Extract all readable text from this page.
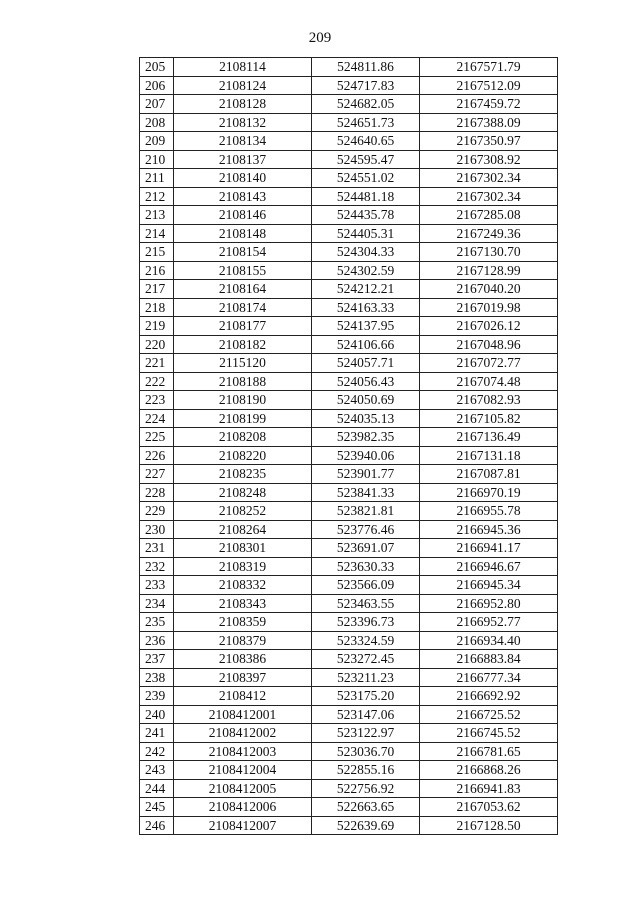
209
205	2108114	524811.86	2167571.79
206	2108124	524717.83	2167512.09
207	2108128	524682.05	2167459.72
208	2108132	524651.73	2167388.09
209	2108134	524640.65	2167350.97
210	2108137	524595.47	2167308.92
211	2108140	524551.02	2167302.34
212	2108143	524481.18	2167302.34
213	2108146	524435.78	2167285.08
214	2108148	524405.31	2167249.36
215	2108154	524304.33	2167130.70
216	2108155	524302.59	2167128.99
217	2108164	524212.21	2167040.20
218	2108174	524163.33	2167019.98
219	2108177	524137.95	2167026.12
220	2108182	524106.66	2167048.96
221	2115120	524057.71	2167072.77
222	2108188	524056.43	2167074.48
223	2108190	524050.69	2167082.93
224	2108199	524035.13	2167105.82
225	2108208	523982.35	2167136.49
226	2108220	523940.06	2167131.18
227	2108235	523901.77	2167087.81
228	2108248	523841.33	2166970.19
229	2108252	523821.81	2166955.78
230	2108264	523776.46	2166945.36
231	2108301	523691.07	2166941.17
232	2108319	523630.33	2166946.67
233	2108332	523566.09	2166945.34
234	2108343	523463.55	2166952.80
235	2108359	523396.73	2166952.77
236	2108379	523324.59	2166934.40
237	2108386	523272.45	2166883.84
238	2108397	523211.23	2166777.34
239	2108412	523175.20	2166692.92
240	2108412001	523147.06	2166725.52
241	2108412002	523122.97	2166745.52
242	2108412003	523036.70	2166781.65
243	2108412004	522855.16	2166868.26
244	2108412005	522756.92	2166941.83
245	2108412006	522663.65	2167053.62
246	2108412007	522639.69	2167128.50
